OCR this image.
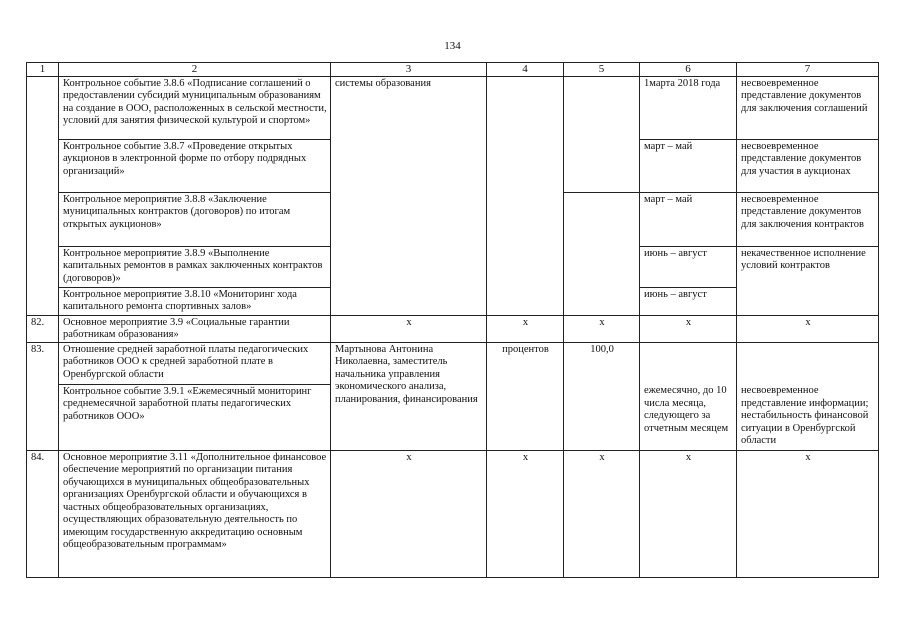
134
1	2	3	4	5	6	7
	Контрольное событие 3.8.6 «Подписание соглашений о предоставлении субсидий муниципальным образованиям на создание в ООО, расположенных в сельской местности, условий для занятия физической культурой и спортом»	системы образования			1марта 2018 года	несвоевременное представление документов для заключения соглашений
	Контрольное событие 3.8.7 «Проведение открытых аукционов в электронной форме по отбору подрядных организаций»				март – май	несвоевременное представление документов для участия в аукционах
	Контрольное мероприятие 3.8.8 «Заключение муниципальных контрактов (договоров) по итогам открытых аукционов»				март – май	несвоевременное представление документов для заключения контрактов
	Контрольное мероприятие 3.8.9 «Выполнение капитальных ремонтов в рамках заключенных контрактов (договоров)»				июнь – август	некачественное исполнение условий контрактов
	Контрольное мероприятие 3.8.10 «Мониторинг хода капитального ремонта спортивных залов»				июнь – август	
82.	Основное мероприятие 3.9 «Социальные гарантии работникам образования»	х	х	х	х	х
83.	Отношение средней заработной платы педагогических работников ООО к средней заработной плате в Оренбургской области	Мартынова Антонина Николаевна, заместитель начальника управления экономического анализа, планирования, финансирования	процентов	100,0		
	Контрольное событие 3.9.1 «Ежемесячный мониторинг среднемесячной заработной платы педагогических работников ООО»				ежемесячно, до 10 числа месяца, следующего за отчетным месяцем	несвоевременное представление информации; нестабильность финансовой ситуации в Оренбургской области
84.	Основное мероприятие 3.11 «Дополнительное финансовое обеспечение мероприятий по организации питания обучающихся в муниципальных общеобразовательных организациях Оренбургской области и обучающихся в частных общеобразовательных организациях, осуществляющих образовательную деятельность по имеющим государственную аккредитацию основным общеобразовательным программам»	х	х	х	х	х
